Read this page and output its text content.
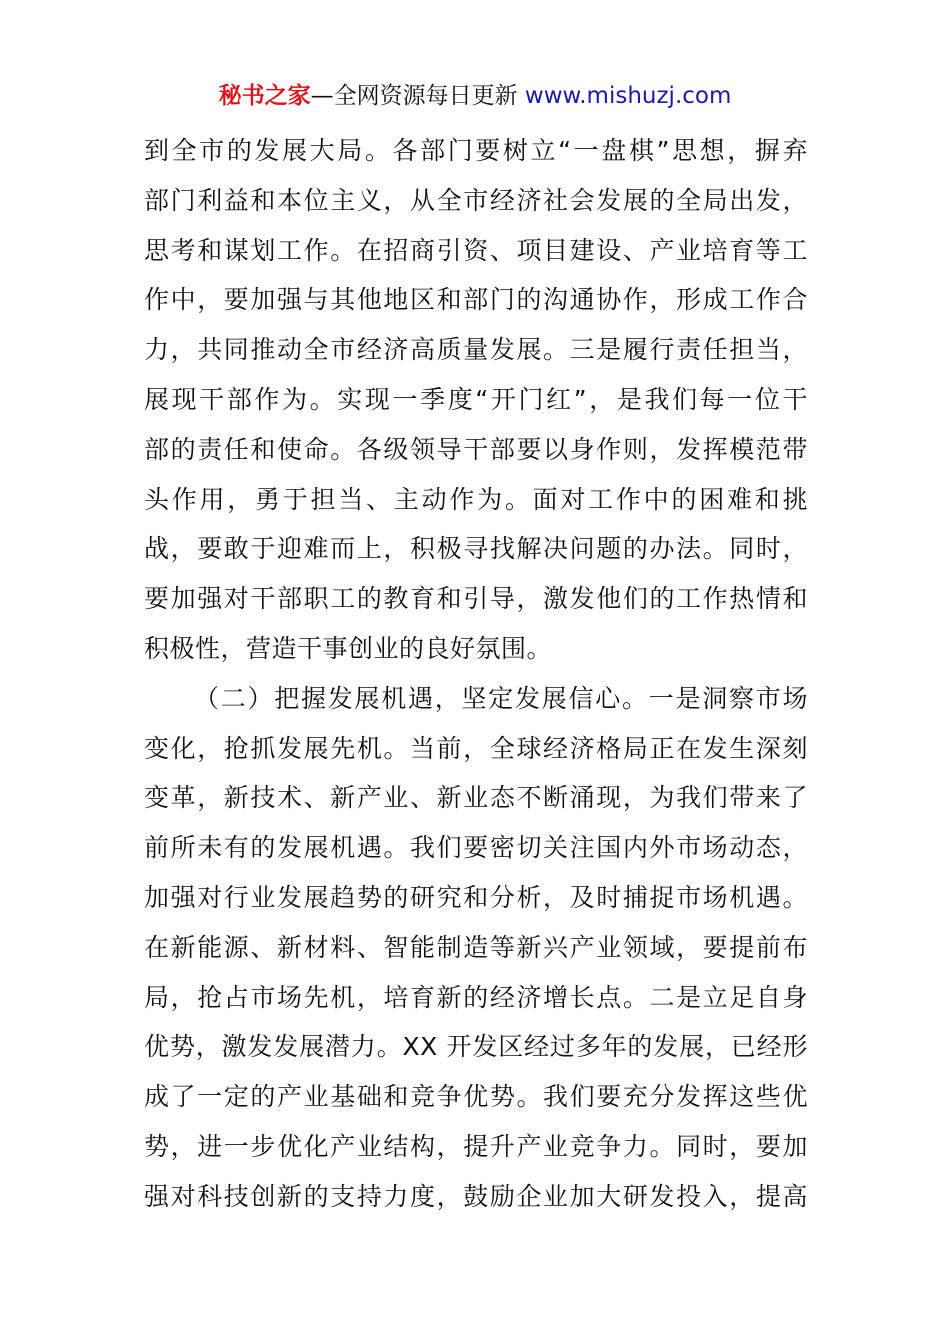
秘书之家—全网资源每日更新 www.mishuzj.com
到全市的发展大局。各部门要树立“一盘棋”思想，摒弃
部门利益和本位主义，从全市经济社会发展的全局出发，
思考和谋划工作。在招商引资、项目建设、产业培育等工
作中，要加强与其他地区和部门的沟通协作，形成工作合
力，共同推动全市经济高质量发展。三是履行责任担当，
展现干部作为。实现一季度“开门红”，是我们每一位干
部的责任和使命。各级领导干部要以身作则，发挥模范带
头作用，勇于担当、主动作为。面对工作中的困难和挑
战，要敢于迎难而上，积极寻找解决问题的办法。同时，
要加强对干部职工的教育和引导，激发他们的工作热情和
积极性，营造干事创业的良好氛围。
（二）把握发展机遇，坚定发展信心。一是洞察市场
变化，抢抓发展先机。当前，全球经济格局正在发生深刻
变革，新技术、新产业、新业态不断涌现，为我们带来了
前所未有的发展机遇。我们要密切关注国内外市场动态，
加强对行业发展趋势的研究和分析，及时捕捉市场机遇。
在新能源、新材料、智能制造等新兴产业领域，要提前布
局，抢占市场先机，培育新的经济增长点。二是立足自身
优势，激发发展潜力。XX 开发区经过多年的发展，已经形
成了一定的产业基础和竞争优势。我们要充分发挥这些优
势，进一步优化产业结构，提升产业竞争力。同时，要加
强对科技创新的支持力度，鼓励企业加大研发投入，提高
